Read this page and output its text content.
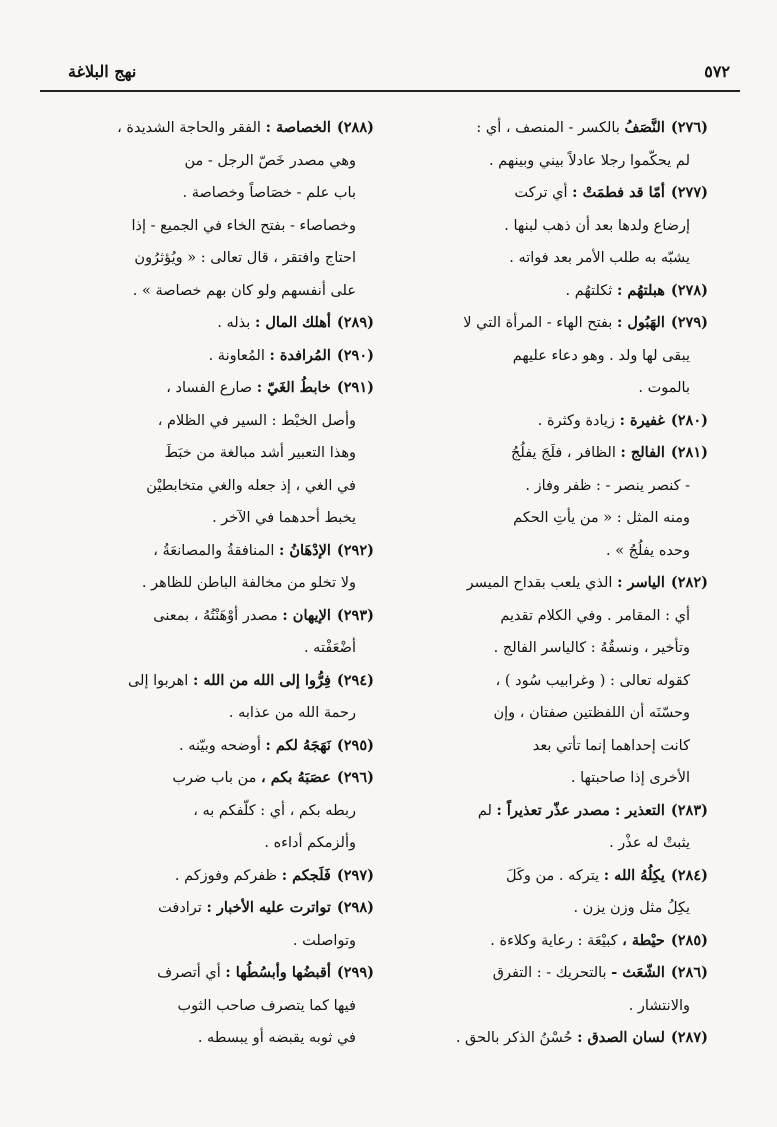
نهج البلاغة	٥٧٢
(٢٧٦)النَّصَفُ بالكسر - المنصف ، أي :
لم يحكّموا رجلا عادلاً بيني وبينهم .
(٢٧٧)أمّا قد فطمَتْ : أي تركت
إرضاع ولدها بعد أن ذهب لبنها .
يشبّه به طلب الأمر بعد فواته .
(٢٧٨)هبلتهُم : ثكلتهُم .
(٢٧٩)الهَبُول : بفتح الهاء - المرأة التي لا
يبقى لها ولد . وهو دعاء عليهم
بالموت .
(٢٨٠)غفيرة : زيادة وكثرة .
(٢٨١)الفالج : الظافر ، فلَجَ يفلُجُ
- كنصر ينصر - : ظفر وفاز .
ومنه المثل : « من يأتِ الحكم
وحده يفلُجُ » .
(٢٨٢)الياسر : الذي يلعب بقداح الميسر
أي : المقامر . وفي الكلام تقديم
وتأخير ، ونسقُهُ : كالياسر الفالج .
كقوله تعالى : ( وغرابيب سُود ) ،
وحسّنَه أن اللفظتين صفتان ، وإن
كانت إحداهما إنما تأتي بعد
الأخرى إذا صاحبتها .
(٢٨٣)التعذير : مصدر عذّر تعذيراً : لم
يثبتْ له عذْر .
(٢٨٤)يكِلُهُ الله : يتركه . من وكَلَ
يكِلُ مثل وزن يزن .
(٢٨٥)حيْطة ، كبيْعَة : رعاية وكلاءة .
(٢٨٦)الشّعَث - بالتحريك - : التفرق
والانتشار .
(٢٨٧)لسان الصدق : حُسْنُ الذكر بالحق .
(٢٨٨)الخصاصة : الفقر والحاجة الشديدة ،
وهي مصدر خَصّ الرجل - من
باب علم - خصَاصاً وخصاصة .
وخصاصاء - بفتح الخاء في الجميع - إذا
احتاج وافتقر ، قال تعالى : « ويُؤثرُون
على أنفسهم ولو كان بهم خصاصة » .
(٢٨٩)أهلك المال : بذله .
(٢٩٠)المُرافدة : المُعاونة .
(٢٩١)خابطُ الغَيّ : صارع الفساد ،
وأصل الخبْط : السير في الظلام ،
وهذا التعبير أشد مبالغة من خبَطَ
في الغي ، إذ جعله والغي متخابطيْن
يخبط أحدهما في الآخر .
(٢٩٢)الإدْهَانُ : المنافقةُ والمصانعَةُ ،
ولا تخلو من مخالفة الباطن للظاهر .
(٢٩٣)الإيهان : مصدر أوْهَنْتُهُ ، بمعنى
أضْعَفْته .
(٢٩٤)فِرُّوا إلى الله من الله : اهربوا إلى
رحمة الله من عذابه .
(٢٩٥)نَهَجَهُ لكم : أوضحه وبيّنه .
(٢٩٦)عصَبَهُ بكم ، من باب ضرب
ربطه بكم ، أي : كلّفكم به ،
وألزمكم أداءه .
(٢٩٧)فَلَجكم : ظفركم وفوزكم .
(٢٩٨)تواترت عليه الأخبار : ترادفت
وتواصلت .
(٢٩٩)أقبضُها وأبسُطُها : أي أتصرف
فيها كما يتصرف صاحب الثوب
في ثوبه يقبضه أو يبسطه .
